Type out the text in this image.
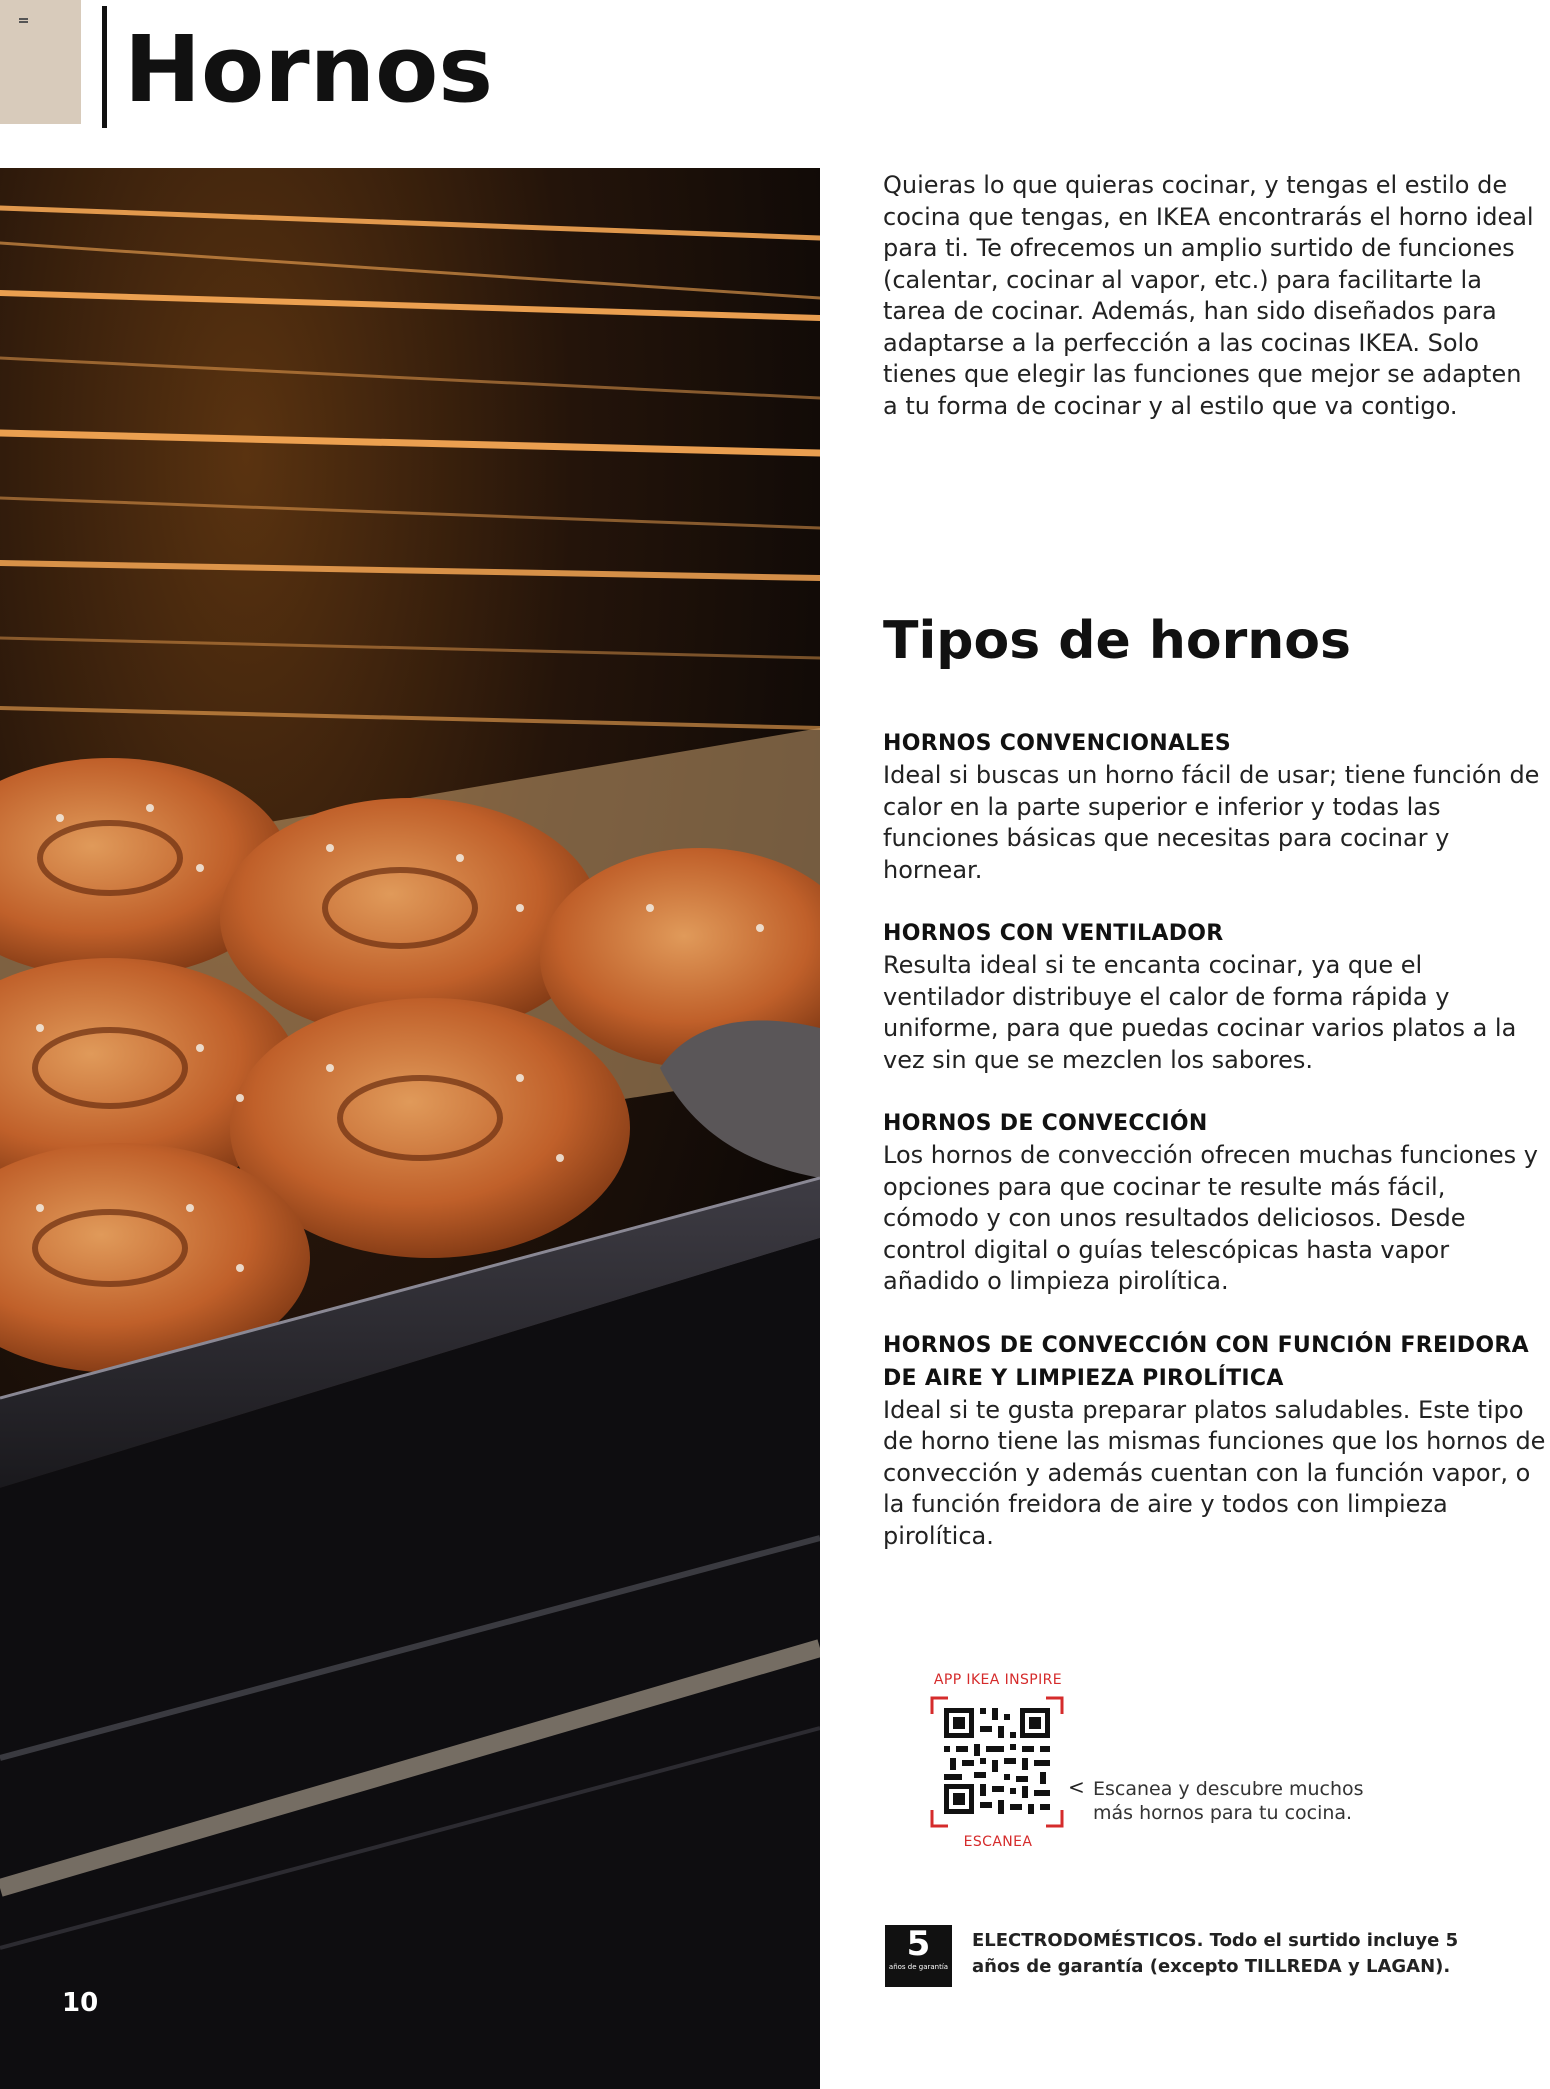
Hornos

10

Quieras lo que quieras cocinar, y tengas el estilo de cocina que tengas, en IKEA encontrarás el horno ideal para ti. Te ofrecemos un amplio surtido de funciones (calentar, cocinar al vapor, etc.) para facilitarte la tarea de cocinar. Además, han sido diseñados para adaptarse a la perfección a las cocinas IKEA. Solo tienes que elegir las funciones que mejor se adapten a tu forma de cocinar y al estilo que va contigo.

Tipos de hornos
HORNOS CONVENCIONALES

Ideal si buscas un horno fácil de usar; tiene función de calor en la parte superior e inferior y todas las funciones básicas que necesitas para cocinar y hornear.

HORNOS CON VENTILADOR

Resulta ideal si te encanta cocinar, ya que el ventilador distribuye el calor de forma rápida y uniforme, para que puedas cocinar varios platos a la vez sin que se mezclen los sabores.

HORNOS DE CONVECCIÓN

Los hornos de convección ofrecen muchas funciones y opciones para que cocinar te resulte más fácil, cómodo y con unos resultados deliciosos. Desde control digital o guías telescópicas hasta vapor añadido o limpieza pirolítica.

HORNOS DE CONVECCIÓN CON FUNCIÓN FREIDORA DE AIRE Y LIMPIEZA PIROLÍTICA

Ideal si te gusta preparar platos saludables. Este tipo de horno tiene las mismas funciones que los hornos de convección y además cuentan con la función vapor, o la función freidora de aire y todos con limpieza pirolítica.

APP IKEA INSPIRE
ESCANEA
< Escanea y descubre muchos más hornos para tu cocina.

5
años de garantía

ELECTRODOMÉSTICOS. Todo el surtido incluye 5 años de garantía (excepto TILLREDA y LAGAN).
